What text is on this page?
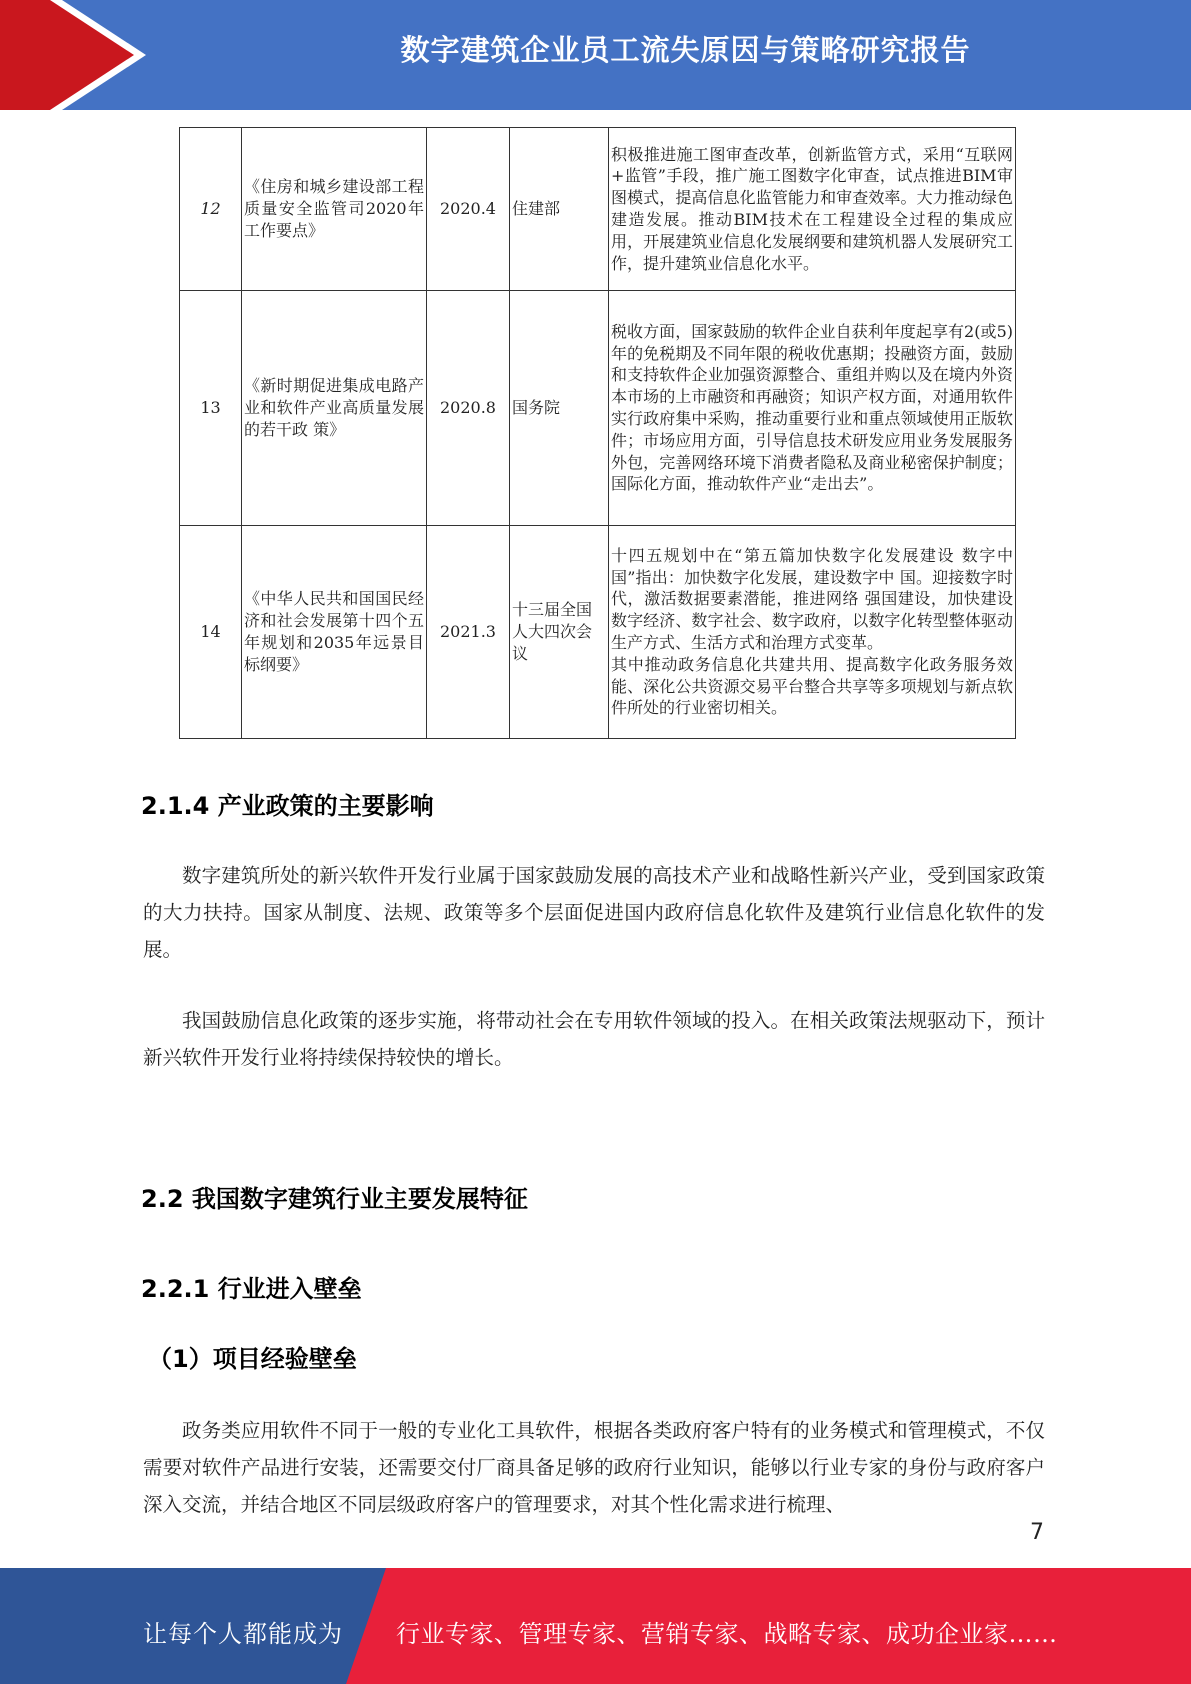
数字建筑企业员工流失原因与策略研究报告
12	《住房和城乡建设部工程质量安全监管司2020年工作要点》	2020.4	住建部	积极推进施工图审查改革，创新监管方式，采用“互联网+监管”手段，推广施工图数字化审查，试点推进BIM审图模式，提高信息化监管能力和审查效率。大力推动绿色建造发展。推动BIM技术在工程建设全过程的集成应用，开展建筑业信息化发展纲要和建筑机器人发展研究工作，提升建筑业信息化水平。
13	《新时期促进集成电路产业和软件产业高质量发展的若干政 策》	2020.8	国务院	税收方面，国家鼓励的软件企业自获利年度起享有2(或5)年的免税期及不同年限的税收优惠期；投融资方面，鼓励和支持软件企业加强资源整合、重组并购以及在境内外资本市场的上市融资和再融资；知识产权方面，对通用软件实行政府集中采购，推动重要行业和重点领域使用正版软件；市场应用方面，引导信息技术研发应用业务发展服务外包，完善网络环境下消费者隐私及商业秘密保护制度；国际化方面，推动软件产业“走出去”。
14	《中华人民共和国国民经济和社会发展第十四个五年规划和2035年远景目标纲要》	2021.3	十三届全国人大四次会议	十四五规划中在“第五篇加快数字化发展建设 数字中国”指出：加快数字化发展，建设数字中 国。迎接数字时代，激活数据要素潜能，推进网络 强国建设，加快建设数字经济、数字社会、数字政府，以数字化转型整体驱动生产方式、生活方式和治理方式变革。
其中推动政务信息化共建共用、提高数字化政务服务效能、深化公共资源交易平台整合共享等多项规划与新点软件所处的行业密切相关。
2.1.4 产业政策的主要影响

数字建筑所处的新兴软件开发行业属于国家鼓励发展的高技术产业和战略性新兴产业，受到国家政策的大力扶持。国家从制度、法规、政策等多个层面促进国内政府信息化软件及建筑行业信息化软件的发展。

我国鼓励信息化政策的逐步实施，将带动社会在专用软件领域的投入。在相关政策法规驱动下，预计新兴软件开发行业将持续保持较快的增长。

2.2 我国数字建筑行业主要发展特征
2.2.1 行业进入壁垒
（1）项目经验壁垒

政务类应用软件不同于一般的专业化工具软件，根据各类政府客户特有的业务模式和管理模式，不仅需要对软件产品进行安装，还需要交付厂商具备足够的政府行业知识，能够以行业专家的身份与政府客户深入交流，并结合地区不同层级政府客户的管理要求，对其个性化需求进行梳理、

7
让每个人都能成为 行业专家、管理专家、营销专家、战略专家、成功企业家……
